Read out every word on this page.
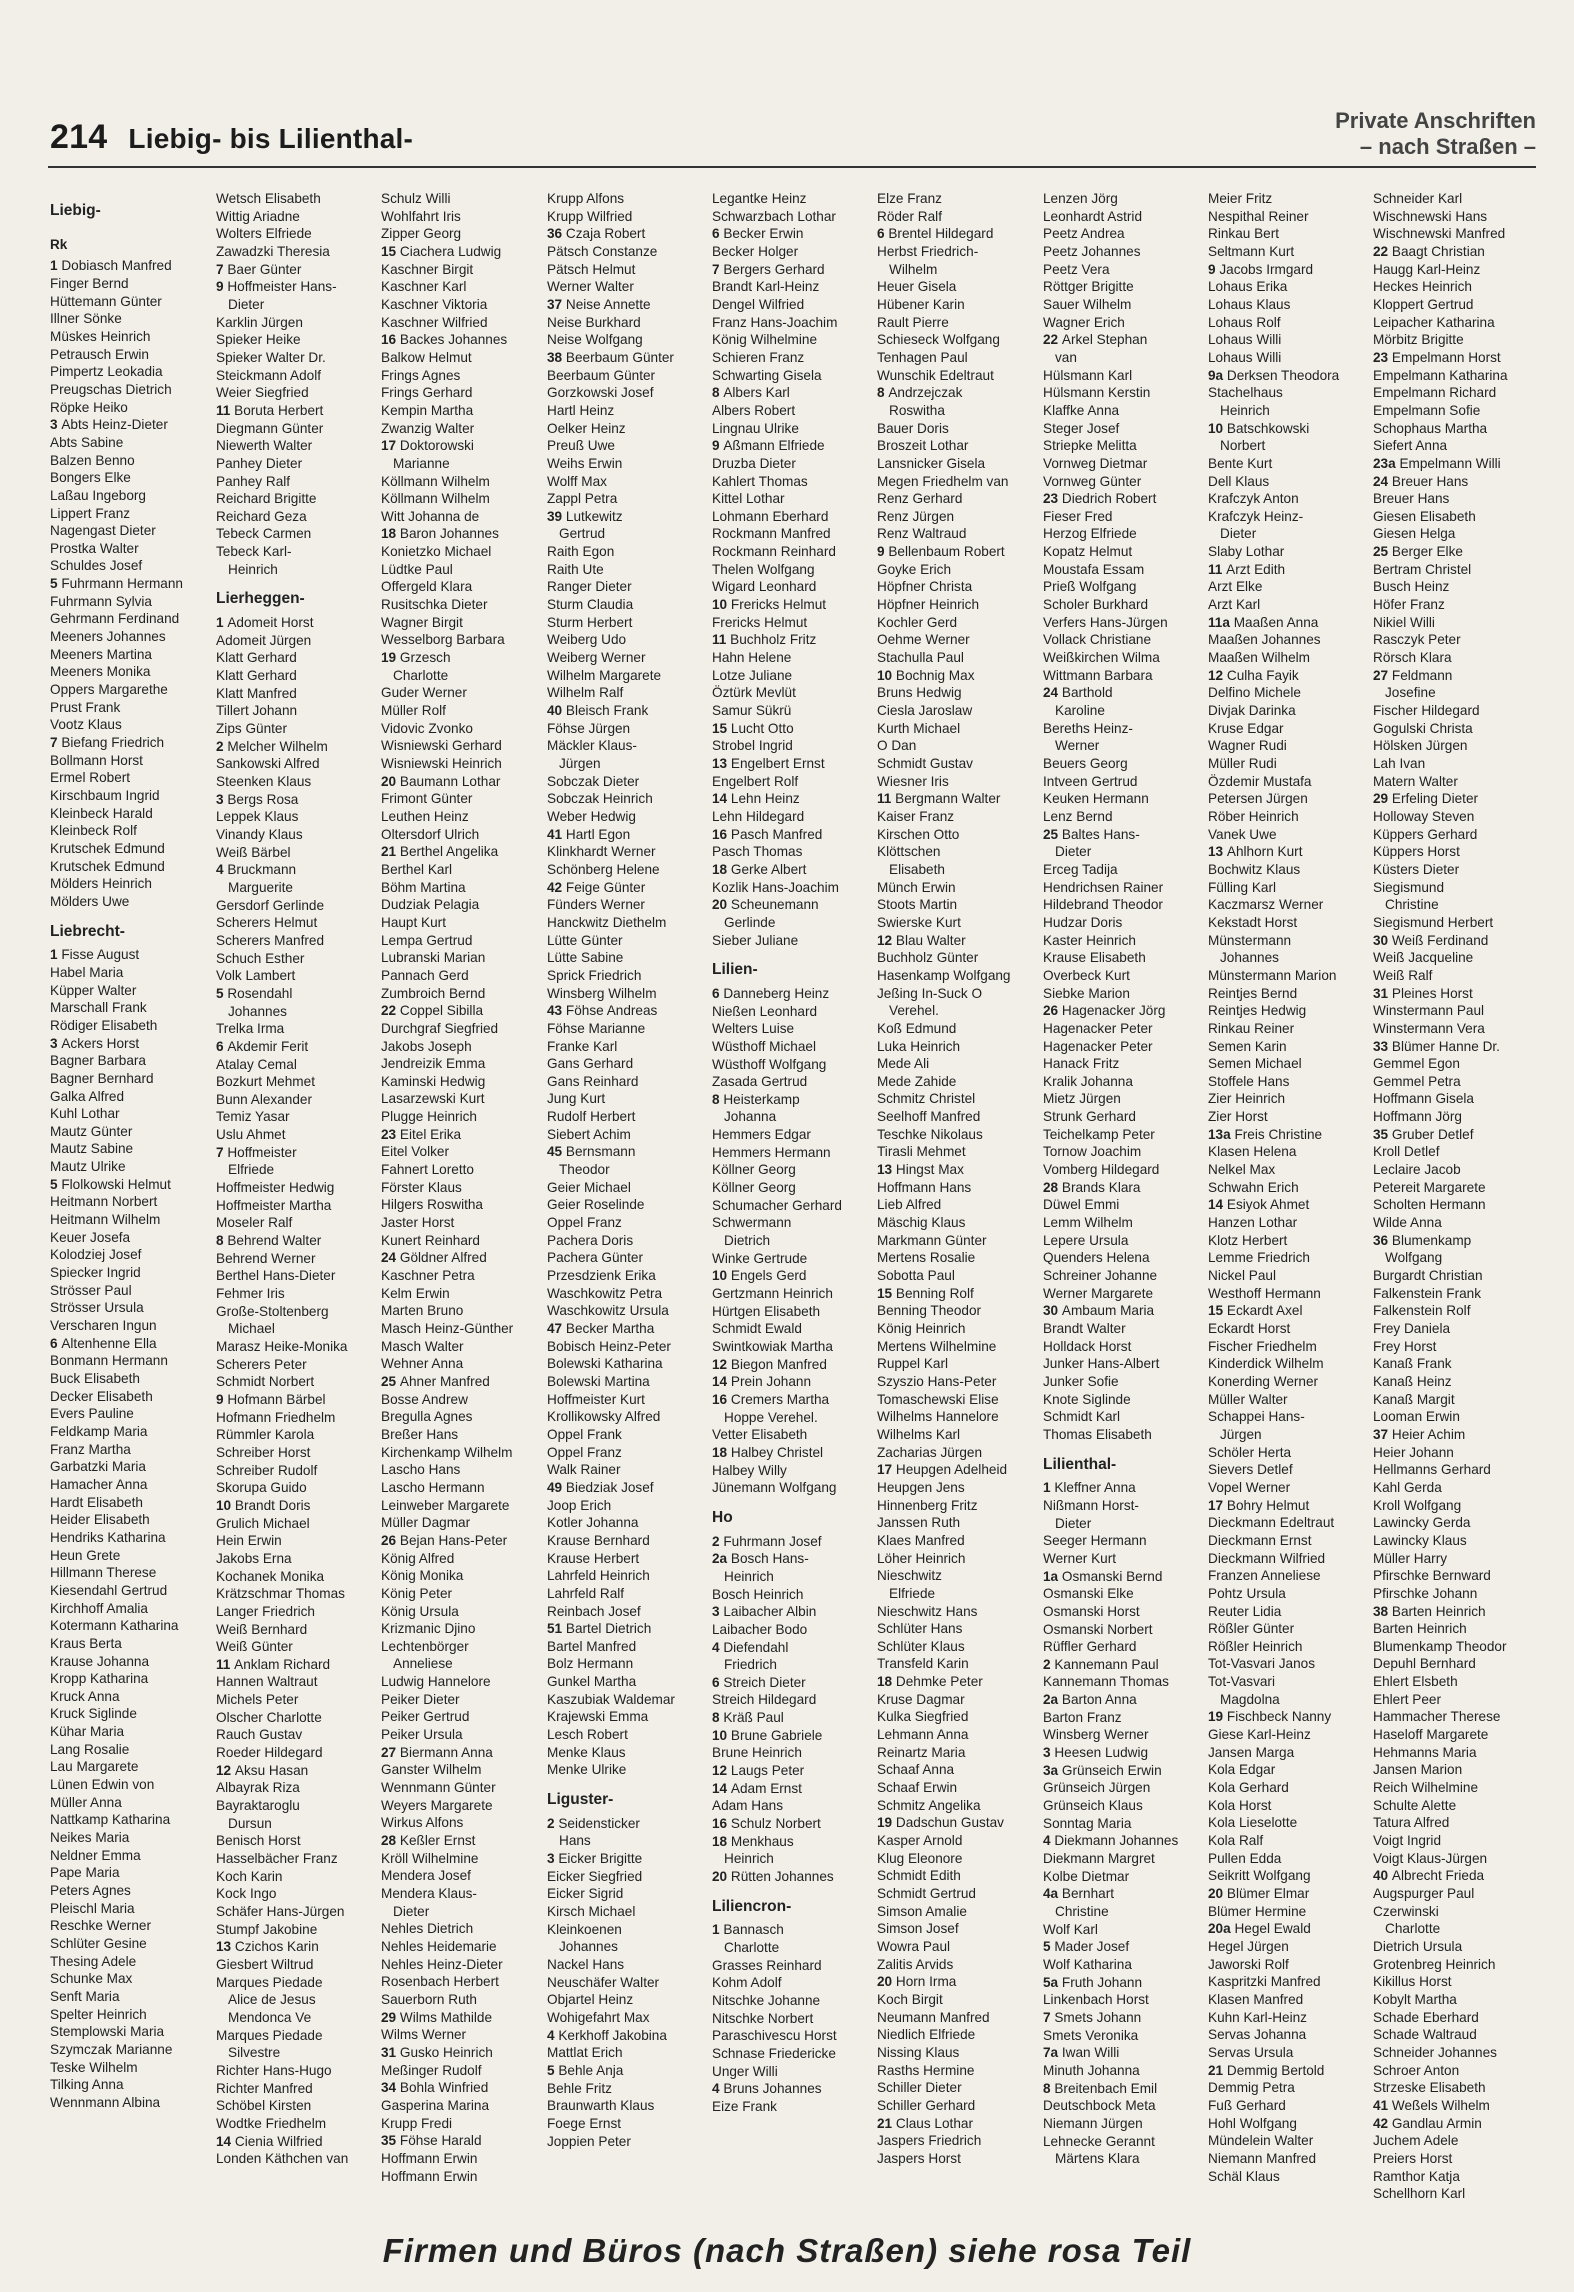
214 Liebig- bis Lilienthal-
Private Anschriften
– nach Straßen –
Liebig-
Rk
1 Dobiasch Manfred
Finger Bernd
Hüttemann Günter
Illner Sönke
Müskes Heinrich
Petrausch Erwin
Pimpertz Leokadia
Preugschas Dietrich
Röpke Heiko
3 Abts Heinz-Dieter
Abts Sabine
Balzen Benno
Bongers Elke
Laßau Ingeborg
Lippert Franz
Nagengast Dieter
Prostka Walter
Schuldes Josef
5 Fuhrmann Hermann
Fuhrmann Sylvia
Gehrmann Ferdinand
Meeners Johannes
Meeners Martina
Meeners Monika
Oppers Margarethe
Prust Frank
Vootz Klaus
7 Biefang Friedrich
Bollmann Horst
Ermel Robert
Kirschbaum Ingrid
Kleinbeck Harald
Kleinbeck Rolf
Krutschek Edmund
Krutschek Edmund
Mölders Heinrich
Mölders Uwe
Liebrecht-
1 Fisse August
Habel Maria
Küpper Walter
Marschall Frank
Rödiger Elisabeth
3 Ackers Horst
Bagner Barbara
Bagner Bernhard
Galka Alfred
Kuhl Lothar
Mautz Günter
Mautz Sabine
Mautz Ulrike
5 Flolkowski Helmut
Heitmann Norbert
Heitmann Wilhelm
Keuer Josefa
Kolodziej Josef
Spiecker Ingrid
Strösser Paul
Strösser Ursula
Verscharen Ingun
6 Altenhenne Ella
Bonmann Hermann
Buck Elisabeth
Decker Elisabeth
Evers Pauline
Feldkamp Maria
Franz Martha
Garbatzki Maria
Hamacher Anna
Hardt Elisabeth
Heider Elisabeth
Hendriks Katharina
Heun Grete
Hillmann Therese
Kiesendahl Gertrud
Kirchhoff Amalia
Kotermann Katharina
Kraus Berta
Krause Johanna
Kropp Katharina
Kruck Anna
Kruck Siglinde
Kühar Maria
Lang Rosalie
Lau Margarete
Lünen Edwin von
Müller Anna
Nattkamp Katharina
Neikes Maria
Neldner Emma
Pape Maria
Peters Agnes
Pleischl Maria
Reschke Werner
Schlüter Gesine
Thesing Adele
Schunke Max
Senft Maria
Spelter Heinrich
Stemplowski Maria
Szymczak Marianne
Teske Wilhelm
Tilking Anna
Wennmann Albina
Wetsch Elisabeth
Wittig Ariadne
Wolters Elfriede
Zawadzki Theresia
7 Baer Günter
9 Hoffmeister Hans-
Dieter
Karklin Jürgen
Spieker Heike
Spieker Walter Dr.
Steickmann Adolf
Weier Siegfried
11 Boruta Herbert
Diegmann Günter
Niewerth Walter
Panhey Dieter
Panhey Ralf
Reichard Brigitte
Reichard Geza
Tebeck Carmen
Tebeck Karl-
Heinrich
Lierheggen-
1 Adomeit Horst
Adomeit Jürgen
Klatt Gerhard
Klatt Gerhard
Klatt Manfred
Tillert Johann
Zips Günter
2 Melcher Wilhelm
Sankowski Alfred
Steenken Klaus
3 Bergs Rosa
Leppek Klaus
Vinandy Klaus
Weiß Bärbel
4 Bruckmann
Marguerite
Gersdorf Gerlinde
Scherers Helmut
Scherers Manfred
Schuch Esther
Volk Lambert
5 Rosendahl
Johannes
Trelka Irma
6 Akdemir Ferit
Atalay Cemal
Bozkurt Mehmet
Bunn Alexander
Temiz Yasar
Uslu Ahmet
7 Hoffmeister
Elfriede
Hoffmeister Hedwig
Hoffmeister Martha
Moseler Ralf
8 Behrend Walter
Behrend Werner
Berthel Hans-Dieter
Fehmer Iris
Große-Stoltenberg
Michael
Marasz Heike-Monika
Scherers Peter
Schmidt Norbert
9 Hofmann Bärbel
Hofmann Friedhelm
Rümmler Karola
Schreiber Horst
Schreiber Rudolf
Skorupa Guido
10 Brandt Doris
Grulich Michael
Hein Erwin
Jakobs Erna
Kochanek Monika
Krätzschmar Thomas
Langer Friedrich
Weiß Bernhard
Weiß Günter
11 Anklam Richard
Hannen Waltraut
Michels Peter
Olscher Charlotte
Rauch Gustav
Roeder Hildegard
12 Aksu Hasan
Albayrak Riza
Bayraktaroglu
Dursun
Benisch Horst
Hasselbächer Franz
Koch Karin
Kock Ingo
Schäfer Hans-Jürgen
Stumpf Jakobine
13 Czichos Karin
Giesbert Wiltrud
Marques Piedade
Alice de Jesus
Mendonca Ve
Marques Piedade
Silvestre
Richter Hans-Hugo
Richter Manfred
Schöbel Kirsten
Wodtke Friedhelm
14 Cienia Wilfried
Londen Käthchen van
Schulz Willi
Wohlfahrt Iris
Zipper Georg
15 Ciachera Ludwig
Kaschner Birgit
Kaschner Karl
Kaschner Viktoria
Kaschner Wilfried
16 Backes Johannes
Balkow Helmut
Frings Agnes
Frings Gerhard
Kempin Martha
Zwanzig Walter
17 Doktorowski
Marianne
Köllmann Wilhelm
Köllmann Wilhelm
Witt Johanna de
18 Baron Johannes
Konietzko Michael
Lüdtke Paul
Offergeld Klara
Rusitschka Dieter
Wagner Birgit
Wesselborg Barbara
19 Grzesch
Charlotte
Guder Werner
Müller Rolf
Vidovic Zvonko
Wisniewski Gerhard
Wisniewski Heinrich
20 Baumann Lothar
Frimont Günter
Leuthen Heinz
Oltersdorf Ulrich
21 Berthel Angelika
Berthel Karl
Böhm Martina
Dudziak Pelagia
Haupt Kurt
Lempa Gertrud
Lubranski Marian
Pannach Gerd
Zumbroich Bernd
22 Coppel Sibilla
Durchgraf Siegfried
Jakobs Joseph
Jendreizik Emma
Kaminski Hedwig
Lasarzewski Kurt
Plugge Heinrich
23 Eitel Erika
Eitel Volker
Fahnert Loretto
Förster Klaus
Hilgers Roswitha
Jaster Horst
Kunert Reinhard
24 Göldner Alfred
Kaschner Petra
Kelm Erwin
Marten Bruno
Masch Heinz-Günther
Masch Walter
Wehner Anna
25 Ahner Manfred
Bosse Andrew
Bregulla Agnes
Breßer Hans
Kirchenkamp Wilhelm
Lascho Hans
Lascho Hermann
Leinweber Margarete
Müller Dagmar
26 Bejan Hans-Peter
König Alfred
König Monika
König Peter
König Ursula
Krizmanic Djino
Lechtenbörger
Anneliese
Ludwig Hannelore
Peiker Dieter
Peiker Gertrud
Peiker Ursula
27 Biermann Anna
Ganster Wilhelm
Wennmann Günter
Weyers Margarete
Wirkus Alfons
28 Keßler Ernst
Kröll Wilhelmine
Mendera Josef
Mendera Klaus-
Dieter
Nehles Dietrich
Nehles Heidemarie
Nehles Heinz-Dieter
Rosenbach Herbert
Sauerborn Ruth
29 Wilms Mathilde
Wilms Werner
31 Gusko Heinrich
Meßinger Rudolf
34 Bohla Winfried
Gasperina Marina
Krupp Fredi
35 Föhse Harald
Hoffmann Erwin
Hoffmann Erwin
Krupp Alfons
Krupp Wilfried
36 Czaja Robert
Pätsch Constanze
Pätsch Helmut
Werner Walter
37 Neise Annette
Neise Burkhard
Neise Wolfgang
38 Beerbaum Günter
Beerbaum Günter
Gorzkowski Josef
Hartl Heinz
Oelker Heinz
Preuß Uwe
Weihs Erwin
Wolff Max
Zappl Petra
39 Lutkewitz
Gertrud
Raith Egon
Raith Ute
Ranger Dieter
Sturm Claudia
Sturm Herbert
Weiberg Udo
Weiberg Werner
Wilhelm Margarete
Wilhelm Ralf
40 Bleisch Frank
Föhse Jürgen
Mäckler Klaus-
Jürgen
Sobczak Dieter
Sobczak Heinrich
Weber Hedwig
41 Hartl Egon
Klinkhardt Werner
Schönberg Helene
42 Feige Günter
Fünders Werner
Hanckwitz Diethelm
Lütte Günter
Lütte Sabine
Sprick Friedrich
Winsberg Wilhelm
43 Föhse Andreas
Föhse Marianne
Franke Karl
Gans Gerhard
Gans Reinhard
Jung Kurt
Rudolf Herbert
Siebert Achim
45 Bernsmann
Theodor
Geier Michael
Geier Roselinde
Oppel Franz
Pachera Doris
Pachera Günter
Przesdzienk Erika
Waschkowitz Petra
Waschkowitz Ursula
47 Becker Martha
Bobisch Heinz-Peter
Bolewski Katharina
Bolewski Martina
Hoffmeister Kurt
Krollikowsky Alfred
Oppel Frank
Oppel Franz
Walk Rainer
49 Biedziak Josef
Joop Erich
Kotler Johanna
Krause Bernhard
Krause Herbert
Lahrfeld Heinrich
Lahrfeld Ralf
Reinbach Josef
51 Bartel Dietrich
Bartel Manfred
Bolz Hermann
Gunkel Martha
Kaszubiak Waldemar
Krajewski Emma
Lesch Robert
Menke Klaus
Menke Ulrike
Liguster-
2 Seidensticker
Hans
3 Eicker Brigitte
Eicker Siegfried
Eicker Sigrid
Kirsch Michael
Kleinkoenen
Johannes
Nackel Hans
Neuschäfer Walter
Objartel Heinz
Wohigefahrt Max
4 Kerkhoff Jakobina
Mattlat Erich
5 Behle Anja
Behle Fritz
Braunwarth Klaus
Foege Ernst
Joppien Peter
Legantke Heinz
Schwarzbach Lothar
6 Becker Erwin
Becker Holger
7 Bergers Gerhard
Brandt Karl-Heinz
Dengel Wilfried
Franz Hans-Joachim
König Wilhelmine
Schieren Franz
Schwarting Gisela
8 Albers Karl
Albers Robert
Lingnau Ulrike
9 Aßmann Elfriede
Druzba Dieter
Kahlert Thomas
Kittel Lothar
Lohmann Eberhard
Rockmann Manfred
Rockmann Reinhard
Thelen Wolfgang
Wigard Leonhard
10 Frericks Helmut
Frericks Helmut
11 Buchholz Fritz
Hahn Helene
Lotze Juliane
Öztürk Mevlüt
Samur Sükrü
15 Lucht Otto
Strobel Ingrid
13 Engelbert Ernst
Engelbert Rolf
14 Lehn Heinz
Lehn Hildegard
16 Pasch Manfred
Pasch Thomas
18 Gerke Albert
Kozlik Hans-Joachim
20 Scheunemann
Gerlinde
Sieber Juliane
Lilien-
6 Danneberg Heinz
Nießen Leonhard
Welters Luise
Wüsthoff Michael
Wüsthoff Wolfgang
Zasada Gertrud
8 Heisterkamp
Johanna
Hemmers Edgar
Hemmers Hermann
Köllner Georg
Köllner Georg
Schumacher Gerhard
Schwermann
Dietrich
Winke Gertrude
10 Engels Gerd
Gertzmann Heinrich
Hürtgen Elisabeth
Schmidt Ewald
Swintkowiak Martha
12 Biegon Manfred
14 Prein Johann
16 Cremers Martha
Hoppe Verehel.
Vetter Elisabeth
18 Halbey Christel
Halbey Willy
Jünemann Wolfgang
Ho
2 Fuhrmann Josef
2a Bosch Hans-
Heinrich
Bosch Heinrich
3 Laibacher Albin
Laibacher Bodo
4 Diefendahl
Friedrich
6 Streich Dieter
Streich Hildegard
8 Kräß Paul
10 Brune Gabriele
Brune Heinrich
12 Laugs Peter
14 Adam Ernst
Adam Hans
16 Schulz Norbert
18 Menkhaus
Heinrich
20 Rütten Johannes
Liliencron-
1 Bannasch
Charlotte
Grasses Reinhard
Kohm Adolf
Nitschke Johanne
Nitschke Norbert
Paraschivescu Horst
Schnase Friedericke
Unger Willi
4 Bruns Johannes
Eize Frank
Elze Franz
Röder Ralf
6 Brentel Hildegard
Herbst Friedrich-
Wilhelm
Heuer Gisela
Hübener Karin
Rault Pierre
Schieseck Wolfgang
Tenhagen Paul
Wunschik Edeltraut
8 Andrzejczak
Roswitha
Bauer Doris
Broszeit Lothar
Lansnicker Gisela
Megen Friedhelm van
Renz Gerhard
Renz Jürgen
Renz Waltraud
9 Bellenbaum Robert
Goyke Erich
Höpfner Christa
Höpfner Heinrich
Kochler Gerd
Oehme Werner
Stachulla Paul
10 Bochnig Max
Bruns Hedwig
Ciesla Jaroslaw
Kurth Michael
O Dan
Schmidt Gustav
Wiesner Iris
11 Bergmann Walter
Kaiser Franz
Kirschen Otto
Klöttschen
Elisabeth
Münch Erwin
Stoots Martin
Swierske Kurt
12 Blau Walter
Buchholz Günter
Hasenkamp Wolfgang
Jeßing In-Suck O
Verehel.
Koß Edmund
Luka Heinrich
Mede Ali
Mede Zahide
Schmitz Christel
Seelhoff Manfred
Teschke Nikolaus
Tirasli Mehmet
13 Hingst Max
Hoffmann Hans
Lieb Alfred
Mäschig Klaus
Markmann Günter
Mertens Rosalie
Sobotta Paul
15 Benning Rolf
Benning Theodor
König Heinrich
Mertens Wilhelmine
Ruppel Karl
Szyszio Hans-Peter
Tomaschewski Elise
Wilhelms Hannelore
Wilhelms Karl
Zacharias Jürgen
17 Heupgen Adelheid
Heupgen Jens
Hinnenberg Fritz
Janssen Ruth
Klaes Manfred
Löher Heinrich
Nieschwitz
Elfriede
Nieschwitz Hans
Schlüter Hans
Schlüter Klaus
Transfeld Karin
18 Dehmke Peter
Kruse Dagmar
Kulka Siegfried
Lehmann Anna
Reinartz Maria
Schaaf Anna
Schaaf Erwin
Schmitz Angelika
19 Dadschun Gustav
Kasper Arnold
Klug Eleonore
Schmidt Edith
Schmidt Gertrud
Simson Amalie
Simson Josef
Wowra Paul
Zalitis Arvids
20 Horn Irma
Koch Birgit
Neumann Manfred
Niedlich Elfriede
Nissing Klaus
Rasths Hermine
Schiller Dieter
Schiller Gerhard
21 Claus Lothar
Jaspers Friedrich
Jaspers Horst
Lenzen Jörg
Leonhardt Astrid
Peetz Andrea
Peetz Johannes
Peetz Vera
Röttger Brigitte
Sauer Wilhelm
Wagner Erich
22 Arkel Stephan
van
Hülsmann Karl
Hülsmann Kerstin
Klaffke Anna
Steger Josef
Striepke Melitta
Vornweg Dietmar
Vornweg Günter
23 Diedrich Robert
Fieser Fred
Herzog Elfriede
Kopatz Helmut
Moustafa Essam
Prieß Wolfgang
Scholer Burkhard
Verfers Hans-Jürgen
Vollack Christiane
Weißkirchen Wilma
Wittmann Barbara
24 Barthold
Karoline
Bereths Heinz-
Werner
Beuers Georg
Intveen Gertrud
Keuken Hermann
Lenz Bernd
25 Baltes Hans-
Dieter
Erceg Tadija
Hendrichsen Rainer
Hildebrand Theodor
Hudzar Doris
Kaster Heinrich
Krause Elisabeth
Overbeck Kurt
Siebke Marion
26 Hagenacker Jörg
Hagenacker Peter
Hagenacker Peter
Hanack Fritz
Kralik Johanna
Mietz Jürgen
Strunk Gerhard
Teichelkamp Peter
Tornow Joachim
Vomberg Hildegard
28 Brands Klara
Düwel Emmi
Lemm Wilhelm
Lepere Ursula
Quenders Helena
Schreiner Johanne
Werner Margarete
30 Ambaum Maria
Brandt Walter
Holldack Horst
Junker Hans-Albert
Junker Sofie
Knote Siglinde
Schmidt Karl
Thomas Elisabeth
Lilienthal-
1 Kleffner Anna
Nißmann Horst-
Dieter
Seeger Hermann
Werner Kurt
1a Osmanski Bernd
Osmanski Elke
Osmanski Horst
Osmanski Norbert
Rüffler Gerhard
2 Kannemann Paul
Kannemann Thomas
2a Barton Anna
Barton Franz
Winsberg Werner
3 Heesen Ludwig
3a Grünseich Erwin
Grünseich Jürgen
Grünseich Klaus
Sonntag Maria
4 Diekmann Johannes
Diekmann Margret
Kolbe Dietmar
4a Bernhart
Christine
Wolf Karl
5 Mader Josef
Wolf Katharina
5a Fruth Johann
Linkenbach Horst
7 Smets Johann
Smets Veronika
7a Iwan Willi
Minuth Johanna
8 Breitenbach Emil
Deutschbock Meta
Niemann Jürgen
Lehnecke Gerannt
Märtens Klara
Meier Fritz
Nespithal Reiner
Rinkau Bert
Seltmann Kurt
9 Jacobs Irmgard
Lohaus Erika
Lohaus Klaus
Lohaus Rolf
Lohaus Willi
Lohaus Willi
9a Derksen Theodora
Stachelhaus
Heinrich
10 Batschkowski
Norbert
Bente Kurt
Dell Klaus
Krafczyk Anton
Krafczyk Heinz-
Dieter
Slaby Lothar
11 Arzt Edith
Arzt Elke
Arzt Karl
11a Maaßen Anna
Maaßen Johannes
Maaßen Wilhelm
12 Culha Fayik
Delfino Michele
Divjak Darinka
Kruse Edgar
Wagner Rudi
Müller Rudi
Özdemir Mustafa
Petersen Jürgen
Röber Heinrich
Vanek Uwe
13 Ahlhorn Kurt
Bochwitz Klaus
Fülling Karl
Kaczmarsz Werner
Kekstadt Horst
Münstermann
Johannes
Münstermann Marion
Reintjes Bernd
Reintjes Hedwig
Rinkau Reiner
Semen Karin
Semen Michael
Stoffele Hans
Zier Heinrich
Zier Horst
13a Freis Christine
Klasen Helena
Nelkel Max
Schwahn Erich
14 Esiyok Ahmet
Hanzen Lothar
Klotz Herbert
Lemme Friedrich
Nickel Paul
Westhoff Hermann
15 Eckardt Axel
Eckardt Horst
Fischer Friedhelm
Kinderdick Wilhelm
Konerding Werner
Müller Walter
Schappei Hans-
Jürgen
Schöler Herta
Sievers Detlef
Vopel Werner
17 Bohry Helmut
Dieckmann Edeltraut
Dieckmann Ernst
Dieckmann Wilfried
Franzen Anneliese
Pohtz Ursula
Reuter Lidia
Rößler Günter
Rößler Heinrich
Tot-Vasvari Janos
Tot-Vasvari
Magdolna
19 Fischbeck Nanny
Giese Karl-Heinz
Jansen Marga
Kola Edgar
Kola Gerhard
Kola Horst
Kola Lieselotte
Kola Ralf
Pullen Edda
Seikritt Wolfgang
20 Blümer Elmar
Blümer Hermine
20a Hegel Ewald
Hegel Jürgen
Jaworski Rolf
Kaspritzki Manfred
Klasen Manfred
Kuhn Karl-Heinz
Servas Johanna
Servas Ursula
21 Demmig Bertold
Demmig Petra
Fuß Gerhard
Hohl Wolfgang
Mündelein Walter
Niemann Manfred
Schäl Klaus
Schneider Karl
Wischnewski Hans
Wischnewski Manfred
22 Baagt Christian
Haugg Karl-Heinz
Heckes Heinrich
Kloppert Gertrud
Leipacher Katharina
Mörbitz Brigitte
23 Empelmann Horst
Empelmann Katharina
Empelmann Richard
Empelmann Sofie
Schophaus Martha
Siefert Anna
23a Empelmann Willi
24 Breuer Hans
Breuer Hans
Giesen Elisabeth
Giesen Helga
25 Berger Elke
Bertram Christel
Busch Heinz
Höfer Franz
Nikiel Willi
Rasczyk Peter
Rörsch Klara
27 Feldmann
Josefine
Fischer Hildegard
Gogulski Christa
Hölsken Jürgen
Lah Ivan
Matern Walter
29 Erfeling Dieter
Holloway Steven
Küppers Gerhard
Küppers Horst
Küsters Dieter
Siegismund
Christine
Siegismund Herbert
30 Weiß Ferdinand
Weiß Jacqueline
Weiß Ralf
31 Pleines Horst
Winstermann Paul
Winstermann Vera
33 Blümer Hanne Dr.
Gemmel Egon
Gemmel Petra
Hoffmann Gisela
Hoffmann Jörg
35 Gruber Detlef
Kroll Detlef
Leclaire Jacob
Petereit Margarete
Scholten Hermann
Wilde Anna
36 Blumenkamp
Wolfgang
Burgardt Christian
Falkenstein Frank
Falkenstein Rolf
Frey Daniela
Frey Horst
Kanaß Frank
Kanaß Heinz
Kanaß Margit
Looman Erwin
37 Heier Achim
Heier Johann
Hellmanns Gerhard
Kahl Gerda
Kroll Wolfgang
Lawincky Gerda
Lawincky Klaus
Müller Harry
Pfirschke Bernward
Pfirschke Johann
38 Barten Heinrich
Barten Heinrich
Blumenkamp Theodor
Depuhl Bernhard
Ehlert Elsbeth
Ehlert Peer
Hammacher Therese
Haseloff Margarete
Hehmanns Maria
Jansen Marion
Reich Wilhelmine
Schulte Alette
Tatura Alfred
Voigt Ingrid
Voigt Klaus-Jürgen
40 Albrecht Frieda
Augspurger Paul
Czerwinski
Charlotte
Dietrich Ursula
Grotenbreg Heinrich
Kikillus Horst
Kobylt Martha
Schade Eberhard
Schade Waltraud
Schneider Johannes
Schroer Anton
Strzeske Elisabeth
41 Weßels Wilhelm
42 Gandlau Armin
Juchem Adele
Preiers Horst
Ramthor Katja
Schellhorn Karl
Firmen und Büros (nach Straßen) siehe rosa Teil
